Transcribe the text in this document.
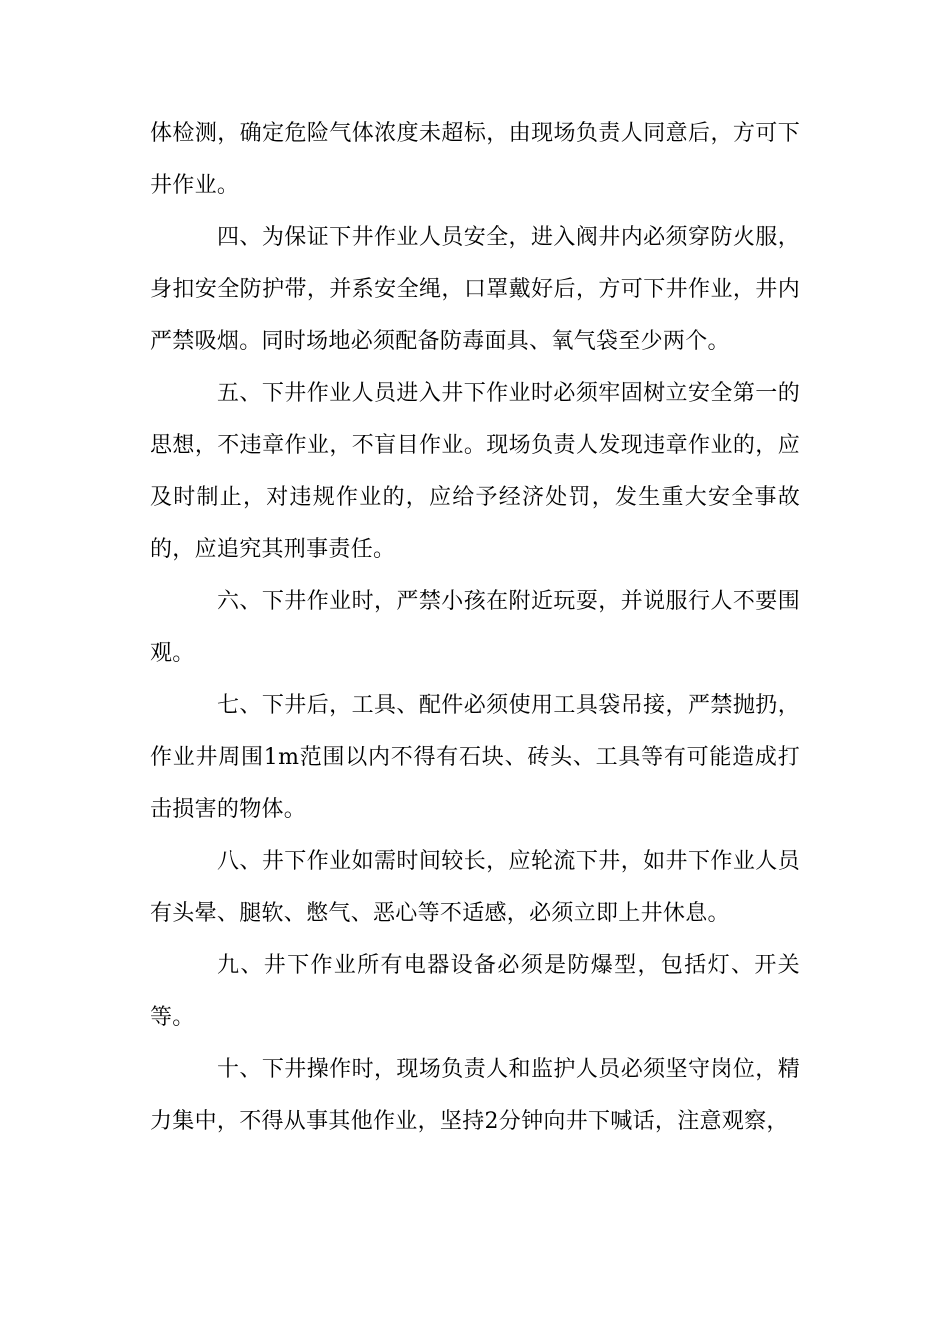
体检测，确定危险气体浓度未超标，由现场负责人同意后，方可下井作业。

四、为保证下井作业人员安全，进入阀井内必须穿防火服，身扣安全防护带，并系安全绳，口罩戴好后，方可下井作业，井内严禁吸烟。同时场地必须配备防毒面具、氧气袋至少两个。

五、下井作业人员进入井下作业时必须牢固树立安全第一的思想，不违章作业，不盲目作业。现场负责人发现违章作业的，应及时制止，对违规作业的，应给予经济处罚，发生重大安全事故的，应追究其刑事责任。

六、下井作业时，严禁小孩在附近玩耍，并说服行人不要围观。

七、下井后，工具、配件必须使用工具袋吊接，严禁抛扔，作业井周围1m范围以内不得有石块、砖头、工具等有可能造成打击损害的物体。

八、井下作业如需时间较长，应轮流下井，如井下作业人员有头晕、腿软、憋气、恶心等不适感，必须立即上井休息。

九、井下作业所有电器设备必须是防爆型，包括灯、开关等。

十、下井操作时，现场负责人和监护人员必须坚守岗位，精力集中，不得从事其他作业，坚持2分钟向井下喊话，注意观察，
